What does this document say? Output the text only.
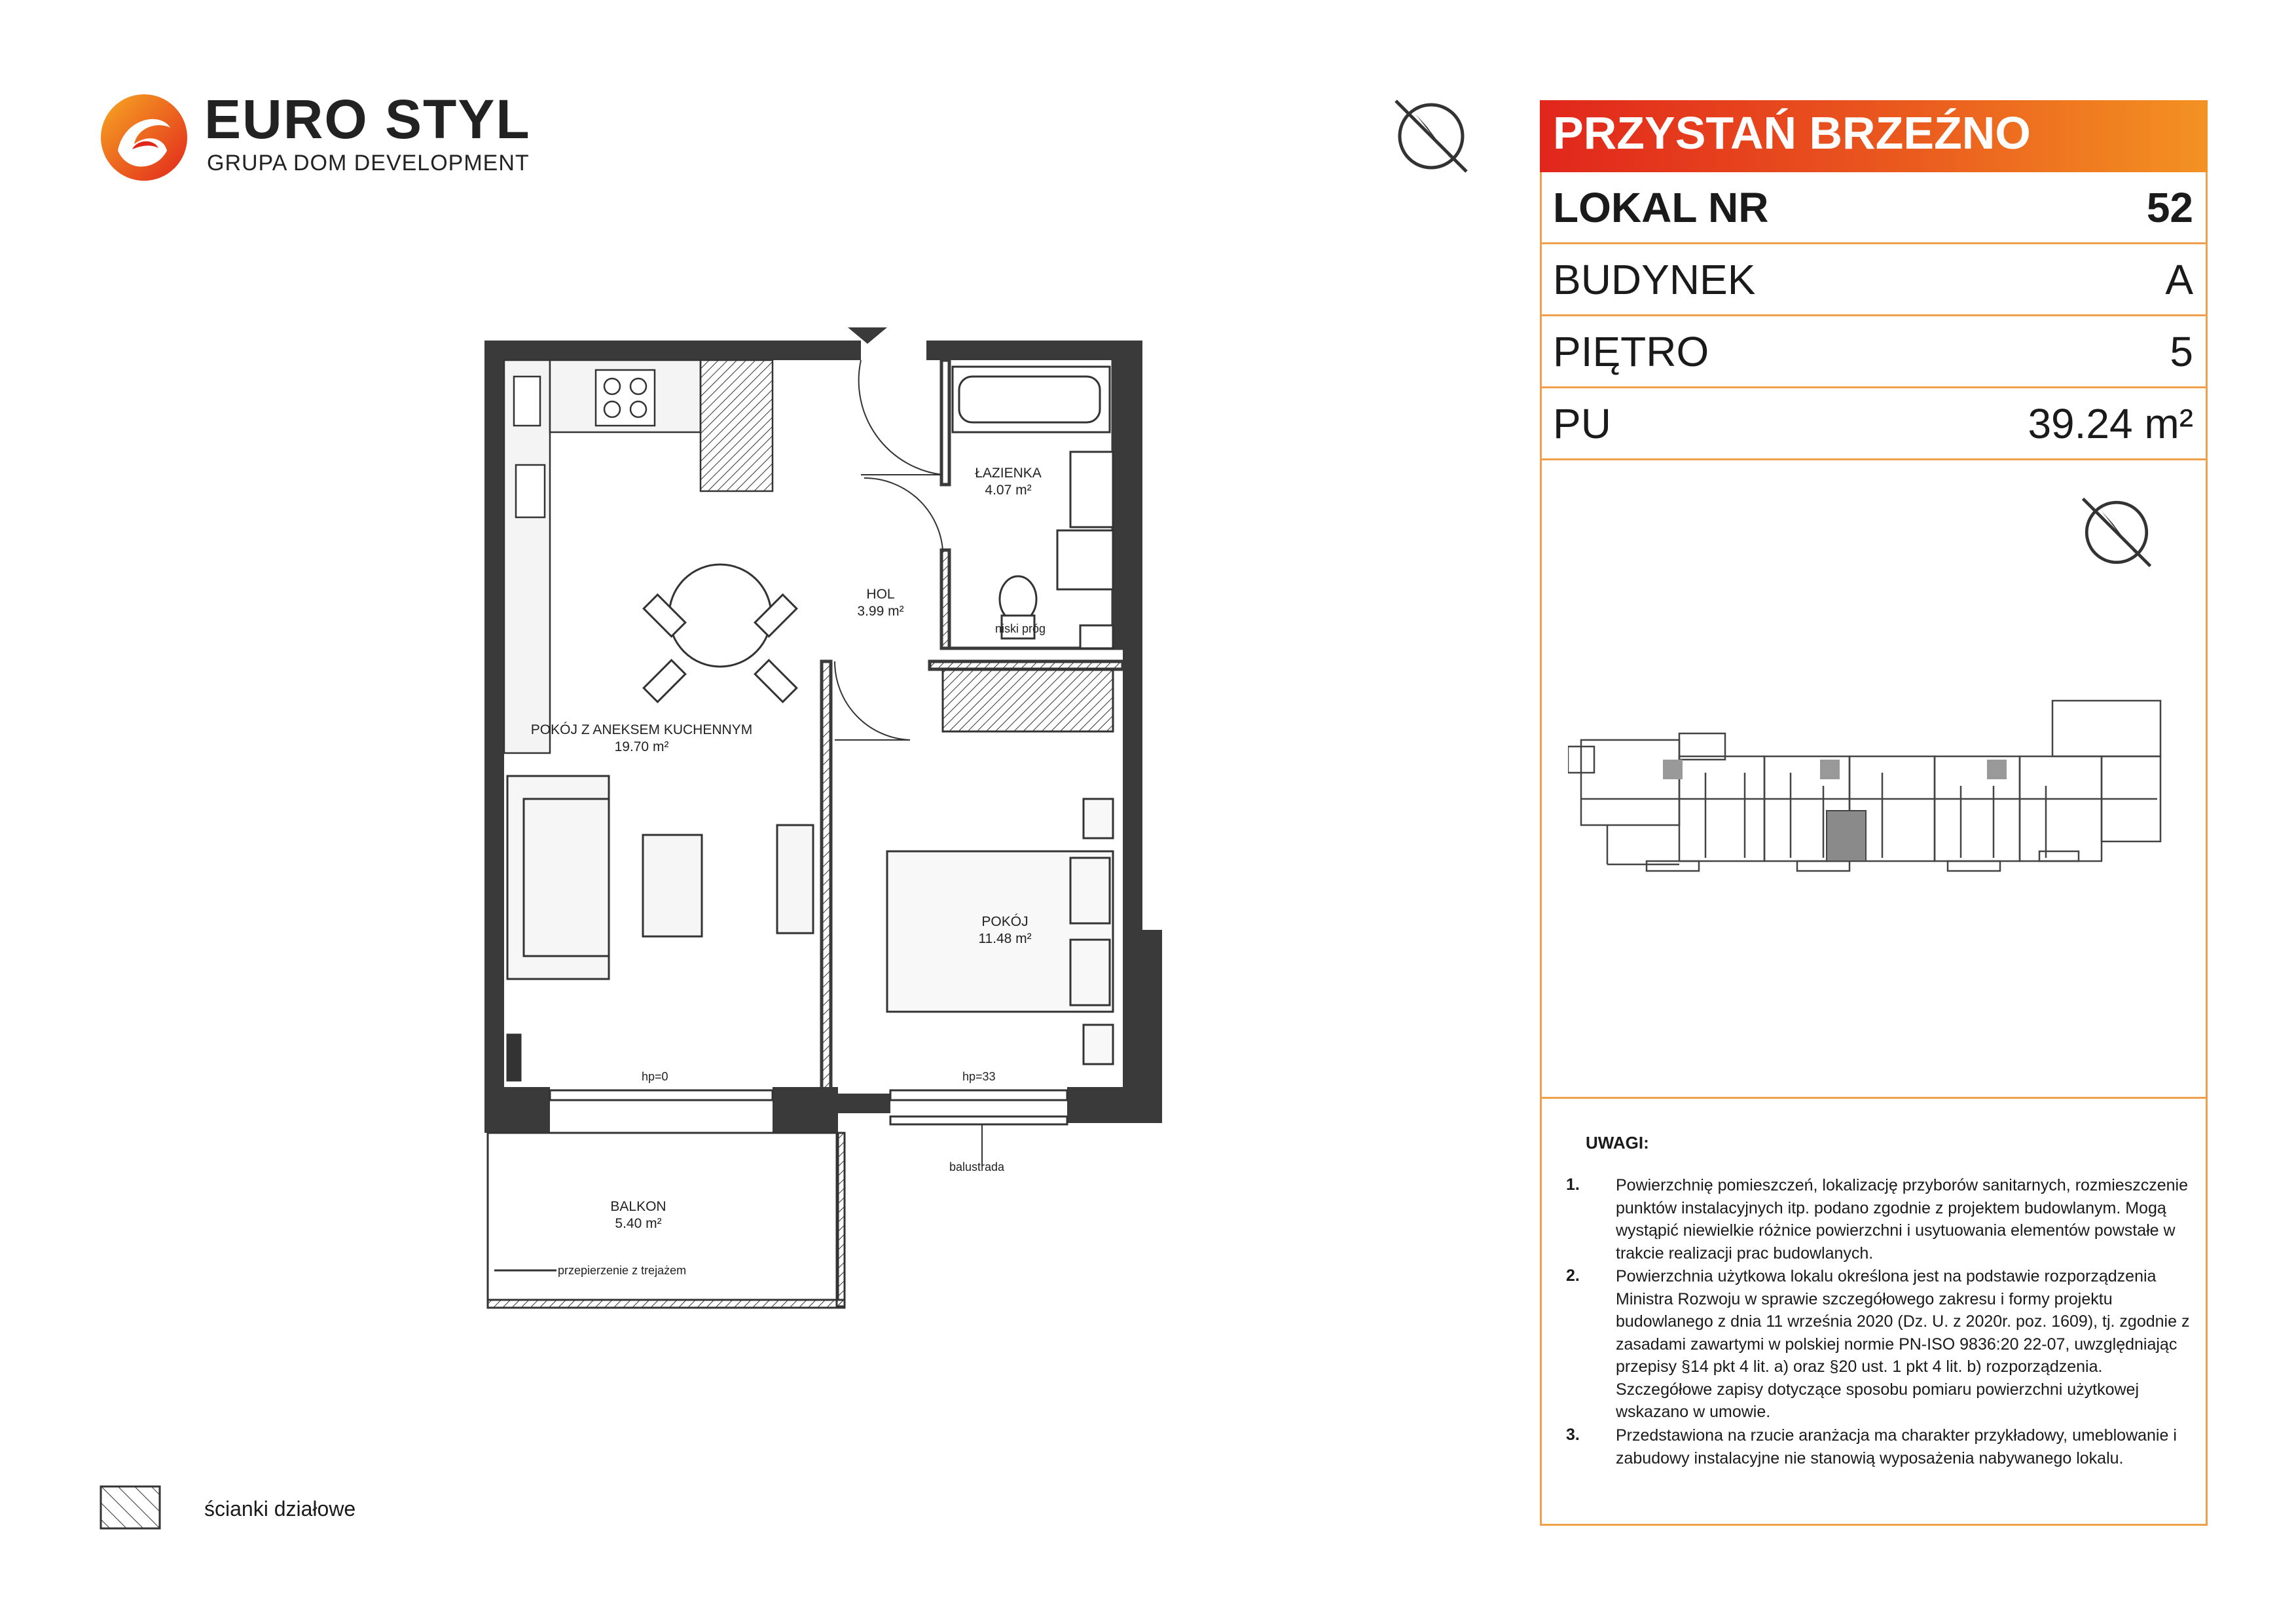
EURO STYL
GRUPA DOM DEVELOPMENT
ŁAZIENKA
4.07 m²
HOL
3.99 m²
POKÓJ Z ANEKSEM KUCHENNYM
19.70 m²
POKÓJ
11.48 m²
BALKON
5.40 m²
niski próg
hp=0	hp=33
balustrada
przepierzenie z trejażem
PRZYSTAŃ BRZEŹNO
LOKAL NR	52
BUDYNEK	A
PIĘTRO	5
PU	39.24 m²
UWAGI:
1. Powierzchnię pomieszczeń, lokalizację przyborów sanitarnych, rozmieszczenie punktów instalacyjnych itp. podano zgodnie z projektem budowlanym. Mogą wystąpić niewielkie różnice powierzchni i usytuowania elementów powstałe w trakcie realizacji prac budowlanych.
2. Powierzchnia użytkowa lokalu określona jest na podstawie rozporządzenia Ministra Rozwoju w sprawie szczegółowego zakresu i formy projektu budowlanego z dnia 11 września 2020 (Dz. U. z 2020r. poz. 1609), tj. zgodnie z zasadami zawartymi w polskiej normie PN-ISO 9836:20 22-07, uwzględniając przepisy §14 pkt 4 lit. a) oraz §20 ust. 1 pkt 4 lit. b) rozporządzenia. Szczegółowe zapisy dotyczące sposobu pomiaru powierzchni użytkowej wskazano w umowie.
3. Przedstawiona na rzucie aranżacja ma charakter przykładowy, umeblowanie i zabudowy instalacyjne nie stanowią wyposażenia nabywanego lokalu.
ścianki działowe
